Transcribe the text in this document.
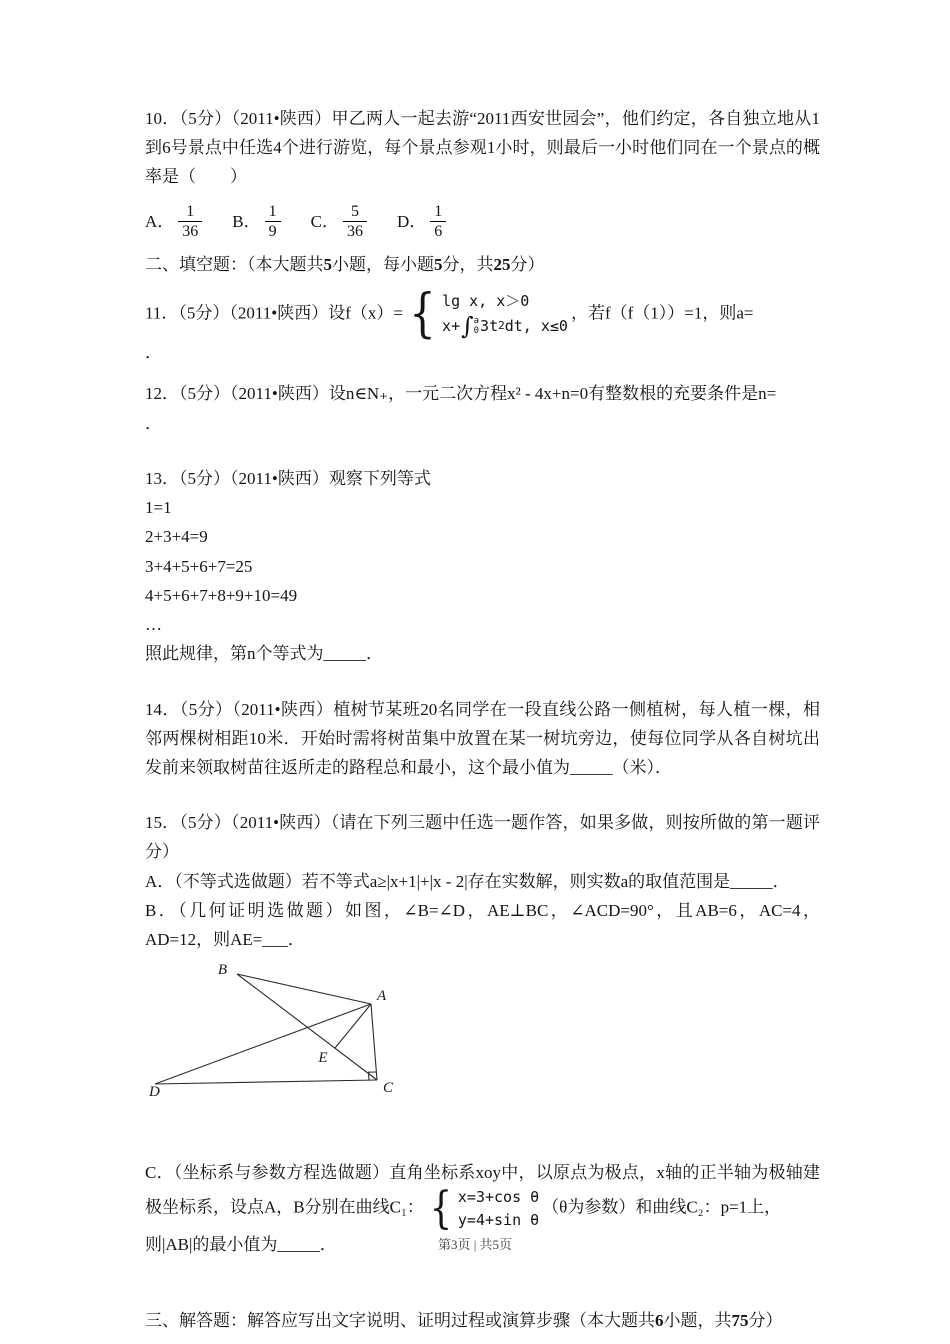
10．（5分）（2011•陕西）甲乙两人一起去游“2011西安世园会”，他们约定，各自独立地从1到6号景点中任选4个进行游览，每个景点参观1小时，则最后一小时他们同在一个景点的概率是（　　）

A． $\frac{1}{36}$ B． $\frac{1}{9}$ C． $\frac{5}{36}$ D． $\frac{1}{6}$

二、填空题：（本大题共5小题，每小题5分，共25分）

11．（5分）（2011•陕西）设f（x）= { lg x, x＞0
x+ ∫ a
0 3t 2 dt, x≤0
，若f（f（1））=1，则a=

．

12．（5分）（2011•陕西）设n∈N₊，一元二次方程x² - 4x+n=0有整数根的充要条件是n=

．

13．（5分）（2011•陕西）观察下列等式

1=1

2+3+4=9

3+4+5+6+7=25

4+5+6+7+8+9+10=49

…

照此规律，第n个等式为_____．

14．（5分）（2011•陕西）植树节某班20名同学在一段直线公路一侧植树，每人植一棵，相邻两棵树相距10米．开始时需将树苗集中放置在某一树坑旁边，使每位同学从各自树坑出发前来领取树苗往返所走的路程总和最小，这个最小值为_____（米）．

15．（5分）（2011•陕西）（请在下列三题中任选一题作答，如果多做，则按所做的第一题评分）

A．（不等式选做题）若不等式a≥|x+1|+|x - 2|存在实数解，则实数a的取值范围是_____．

B．（几何证明选做题）如图，∠B=∠D，AE⊥BC，∠ACD=90°，且AB=6，AC=4，AD=12，则AE=___．

B
A
E
C
D

C．（坐标系与参数方程选做题）直角坐标系xoy中，以原点为极点，x轴的正半轴为极轴建极坐标系，设点A，B分别在曲线C₁： { x=3+cos θ
y=4+sin θ
（θ为参数）和曲线C₂：p=1上，

则|AB|的最小值为_____．

三、解答题：解答应写出文字说明、证明过程或演算步骤（本大题共6小题，共75分）

第3页 | 共5页
